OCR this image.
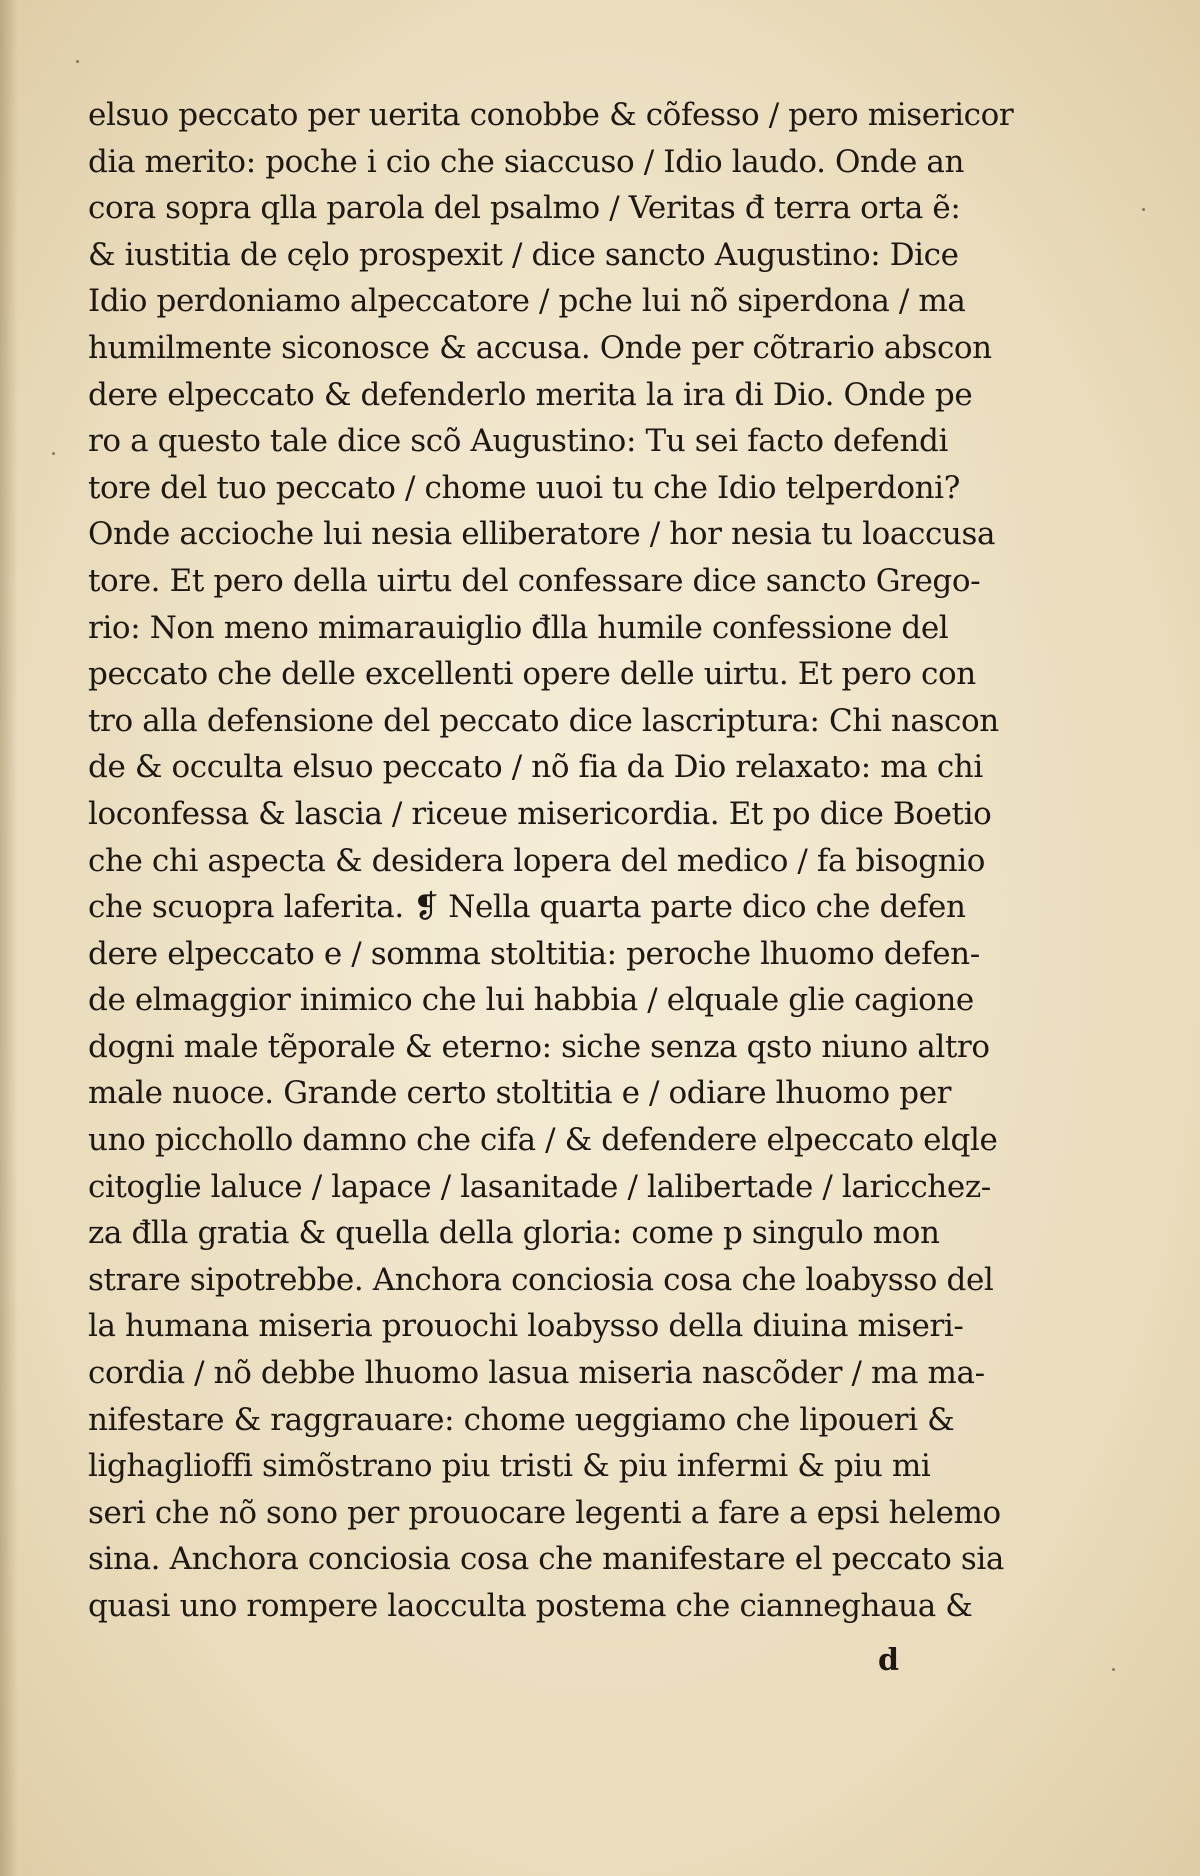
elsuo peccato per uerita conobbe & cõfesso / pero misericor
dia merito: poche i cio che siaccuso / Idio laudo. Onde an
cora sopra qlla parola del psalmo / Veritas đ terra orta ẽ:
& iustitia de cęlo prospexit / dice sancto Augustino: Dice
Idio perdoniamo alpeccatore / pche lui nõ siperdona / ma
humilmente siconosce & accusa. Onde per cõtrario abscon
dere elpeccato & defenderlo merita la ira di Dio. Onde pe
ro a questo tale dice scõ Augustino: Tu sei facto defendi
tore del tuo peccato / chome uuoi tu che Idio telperdoni?
Onde acciochе lui nesia elliberatore / hor nesia tu loaccusa
tore. Et pero della uirtu del confessare dice sancto Grego-
rio: Non meno mimarauiglio đlla humile confessione del
peccato che delle excellenti opere delle uirtu. Et pero con
tro alla defensione del peccato dice lascriptura: Chi nascon
de & occulta elsuo peccato / nõ fia da Dio relaxato: ma chi
loconfessa & lascia / riceue misericordia. Et po dice Boetio
che chi aspecta & desidera lopera del medico / fa bisognio
che scuopra laferita. ❡ Nella quarta parte dico che defen
dere elpeccato e / somma stoltitia: perochе lhuomo defen-
de elmaggior inimico che lui habbia / elquale glie cagione
dogni male tẽporale & eterno: siche senza qsto niuno altro
male nuoce. Grande certo stoltitia e / odiare lhuomo per
uno picchollo damno che cifa / & defendere elpeccato elqle
citoglie laluce / lapace / lasanitade / lalibertade / laricchez-
za đlla gratia & quella della gloria: come p singulo mon
strare sipotrebbe. Anchora conciosia cosa che loabysso del
la humana miseria prouochi loabysso della diuina miseri-
cordia / nõ debbe lhuomo lasua miseria nascõder / ma ma-
nifestare & raggrauare: chome ueggiamo che lipoueri &
lighaglioffi simõstrano piu tristi & piu infermi & piu mi
seri che nõ sono per prouocare legenti a fare a epsi helemo
sina. Anchora conciosia cosa che manifestare el peccato sia
quasi uno rompere laocculta postema che ciannеghaua &
d
